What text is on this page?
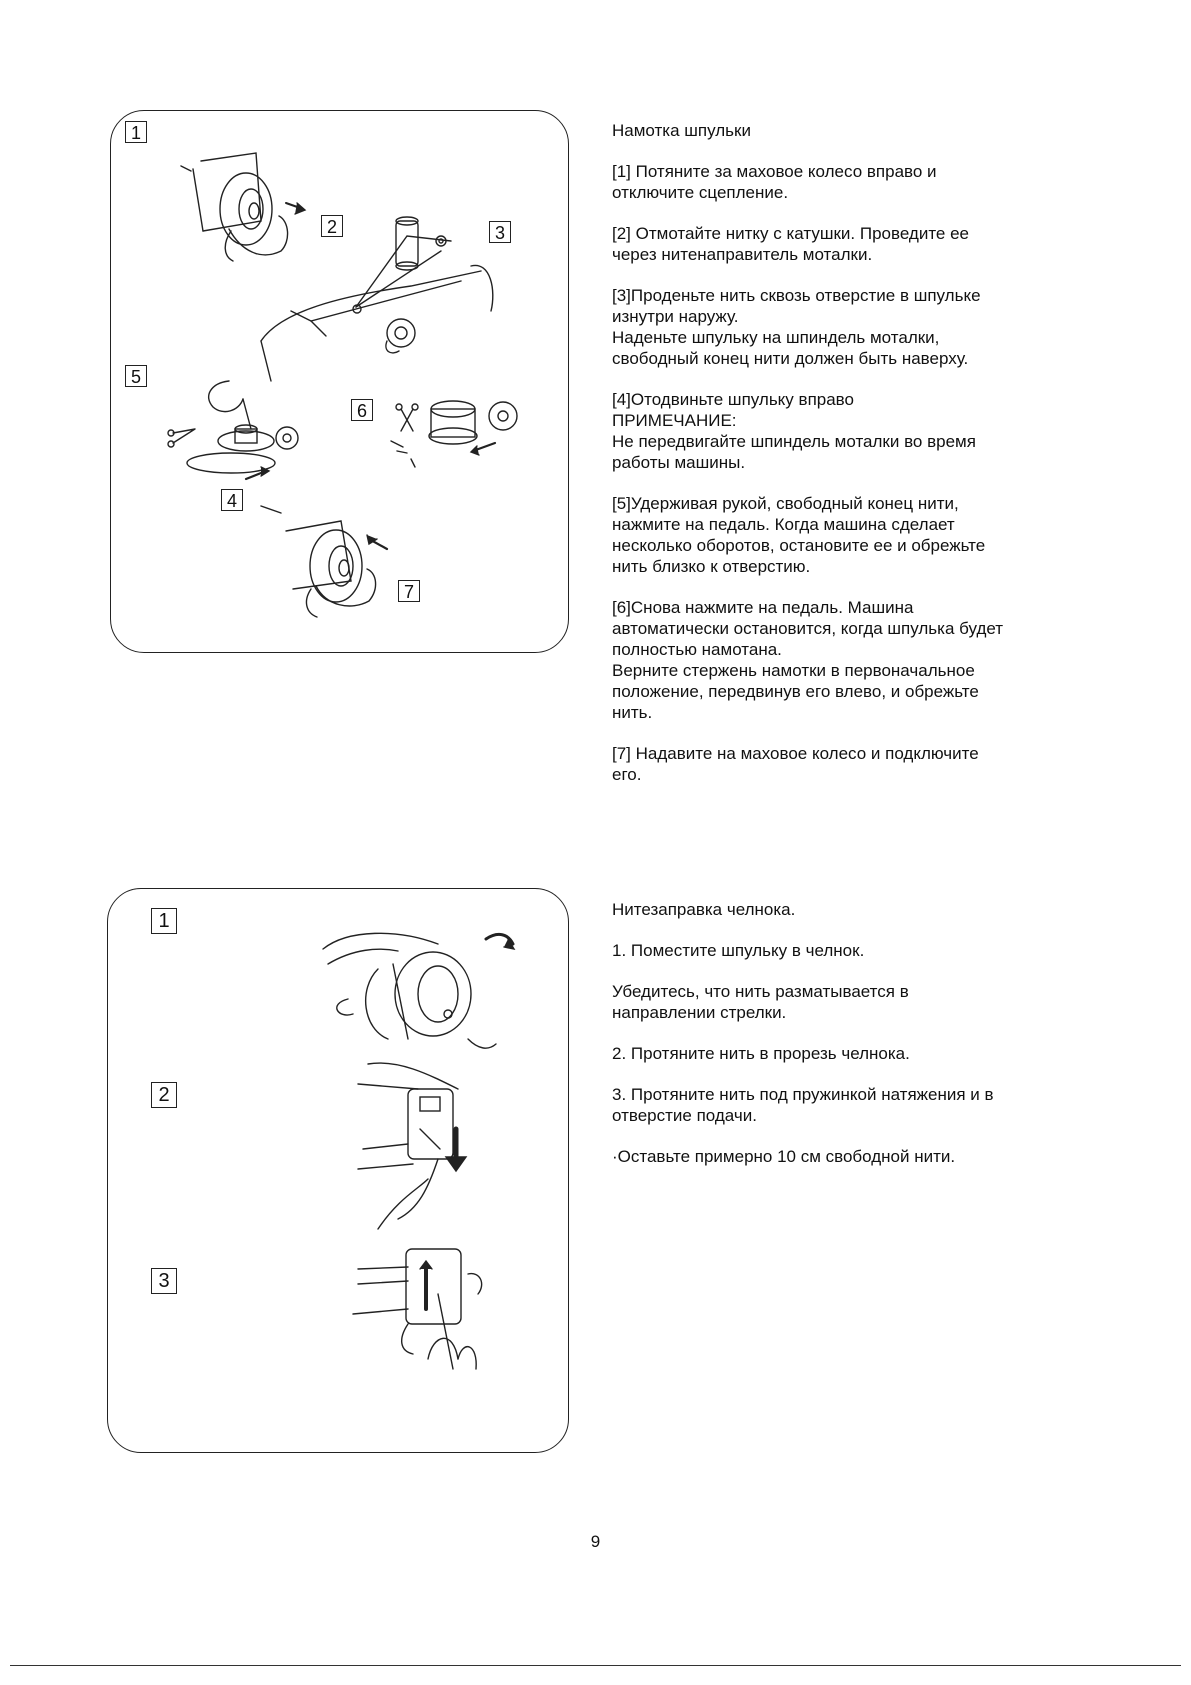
1
2	3
5
6
4
7

Намотка шпульки

[1] Потяните за маховое колесо вправо и
отключите сцепление.

[2] Отмотайте нитку с катушки. Проведите ее
через нитенаправитель моталки.

[3]Проденьте нить сквозь отверстие в шпульке
изнутри наружу.
Наденьте шпульку на шпиндель моталки,
свободный конец нити должен быть наверху.

[4]Отодвиньте шпульку вправо
ПРИМЕЧАНИЕ:
Не передвигайте шпиндель моталки во время
работы машины.

[5]Удерживая рукой, свободный конец нити,
нажмите на педаль. Когда машина сделает
несколько оборотов, остановите ее и обрежьте
нить близко к отверстию.

[6]Снова нажмите на педаль. Машина
автоматически остановится, когда шпулька будет
полностью намотана.
Верните стержень намотки в первоначальное
положение, передвинув его влево, и обрежьте
нить.

[7] Надавите на маховое колесо и подключите
его.

1
2
3

Нитезаправка челнока.

1. Поместите шпульку в челнок.

Убедитесь, что нить разматывается в
направлении стрелки.

2. Протяните нить в прорезь челнока.

3. Протяните нить под пружинкой натяжения и в
отверстие подачи.

·Оставьте примерно 10 см свободной нити.

9
